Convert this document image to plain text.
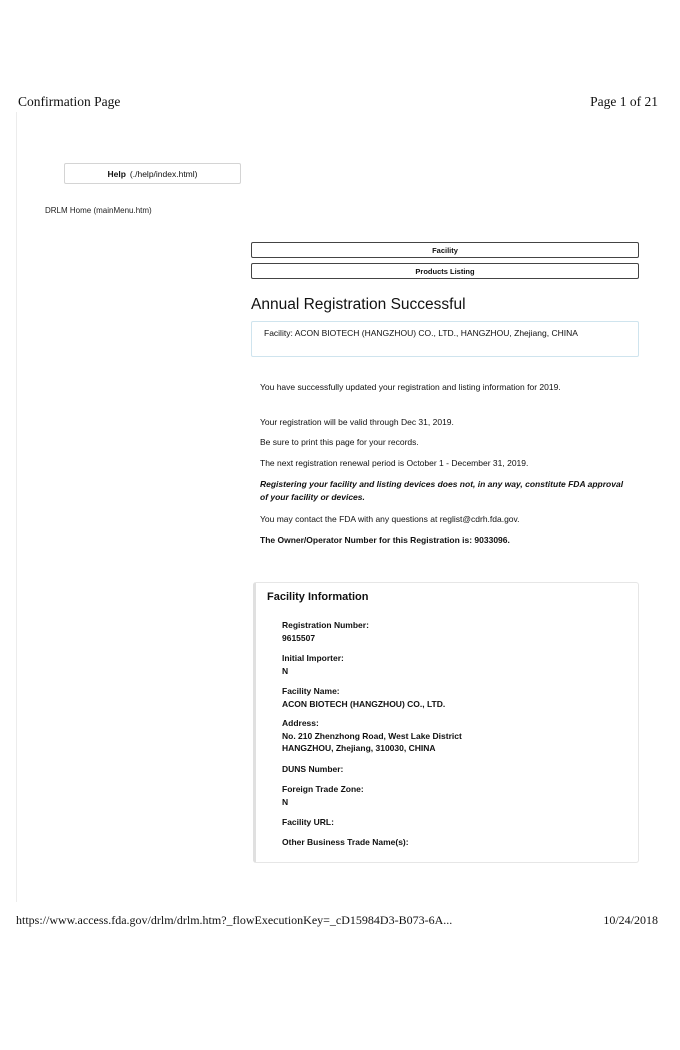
Confirmation Page	Page 1 of 21
Help (./help/index.html)
DRLM Home (mainMenu.htm)
Facility
Products Listing
Annual Registration Successful
Facility: ACON BIOTECH (HANGZHOU) CO., LTD., HANGZHOU, Zhejiang, CHINA
You have successfully updated your registration and listing information for 2019.
Your registration will be valid through Dec 31, 2019.
Be sure to print this page for your records.
The next registration renewal period is October 1 - December 31, 2019.
Registering your facility and listing devices does not, in any way, constitute FDA approval of your facility or devices.
You may contact the FDA with any questions at reglist@cdrh.fda.gov.
The Owner/Operator Number for this Registration is: 9033096.
Facility Information
Registration Number:
9615507
Initial Importer:
N
Facility Name:
ACON BIOTECH (HANGZHOU) CO., LTD.
Address:
No. 210 Zhenzhong Road, West Lake District
HANGZHOU, Zhejiang, 310030, CHINA
DUNS Number:
Foreign Trade Zone:
N
Facility URL:
Other Business Trade Name(s):
https://www.access.fda.gov/drlm/drlm.htm?_flowExecutionKey=_cD15984D3-B073-6A...	10/24/2018
